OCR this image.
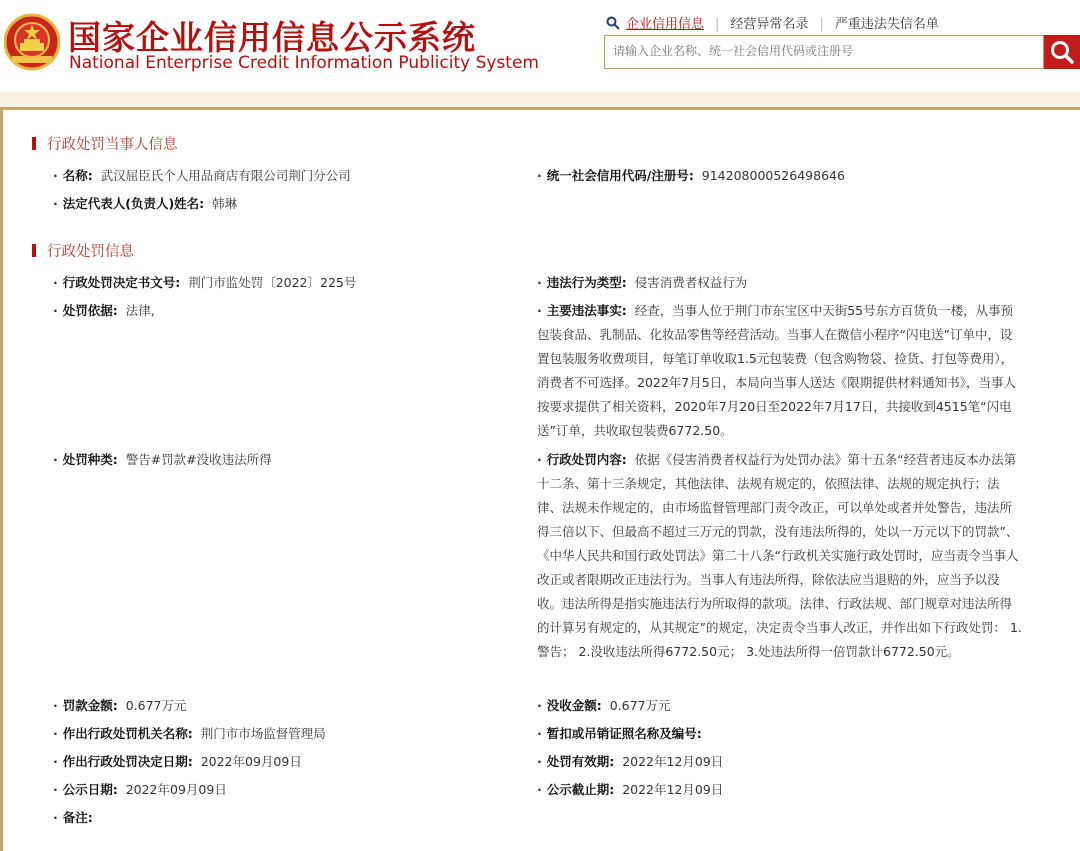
国家企业信用信息公示系统
National Enterprise Credit Information Publicity System
企业信用信息 | 经营异常名录 | 严重违法失信名单
请输入企业名称、统一社会信用代码或注册号
行政处罚当事人信息
· 名称: 武汉屈臣氏个人用品商店有限公司荆门分公司	· 统一社会信用代码/注册号: 914208000526498646
· 法定代表人(负责人)姓名: 韩琳
行政处罚信息
· 行政处罚决定书文号: 荆门市监处罚〔2022〕225号	· 违法行为类型: 侵害消费者权益行为
· 处罚依据: 法律,	· 主要违法事实: 经查，当事人位于荆门市东宝区中天街55号东方百货负一楼，从事预包装食品、乳制品、化妆品零售等经营活动。当事人在微信小程序“闪电送”订单中，设置包装服务收费项目，每笔订单收取1.5元包装费（包含购物袋、捡货、打包等费用），消费者不可选择。2022年7月5日，本局向当事人送达《限期提供材料通知书》，当事人按要求提供了相关资料，2020年7月20日至2022年7月17日，共接收到4515笔“闪电送”订单，共收取包装费6772.50。
· 处罚种类: 警告#罚款#没收违法所得	· 行政处罚内容: 依据《侵害消费者权益行为处罚办法》第十五条“经营者违反本办法第十二条、第十三条规定，其他法律、法规有规定的，依照法律、法规的规定执行；法律、法规未作规定的，由市场监督管理部门责令改正，可以单处或者并处警告，违法所得三倍以下、但最高不超过三万元的罚款，没有违法所得的，处以一万元以下的罚款”、《中华人民共和国行政处罚法》第二十八条“行政机关实施行政处罚时，应当责令当事人改正或者限期改正违法行为。当事人有违法所得，除依法应当退赔的外，应当予以没收。违法所得是指实施违法行为所取得的款项。法律、行政法规、部门规章对违法所得的计算另有规定的，从其规定”的规定，决定责令当事人改正，并作出如下行政处罚： 1.警告； 2.没收违法所得6772.50元； 3.处违法所得一倍罚款计6772.50元。
· 罚款金额: 0.677万元	· 没收金额: 0.677万元
· 作出行政处罚机关名称: 荆门市市场监督管理局	· 暂扣或吊销证照名称及编号:
· 作出行政处罚决定日期: 2022年09月09日	· 处罚有效期: 2022年12月09日
· 公示日期: 2022年09月09日	· 公示截止期: 2022年12月09日
· 备注:
